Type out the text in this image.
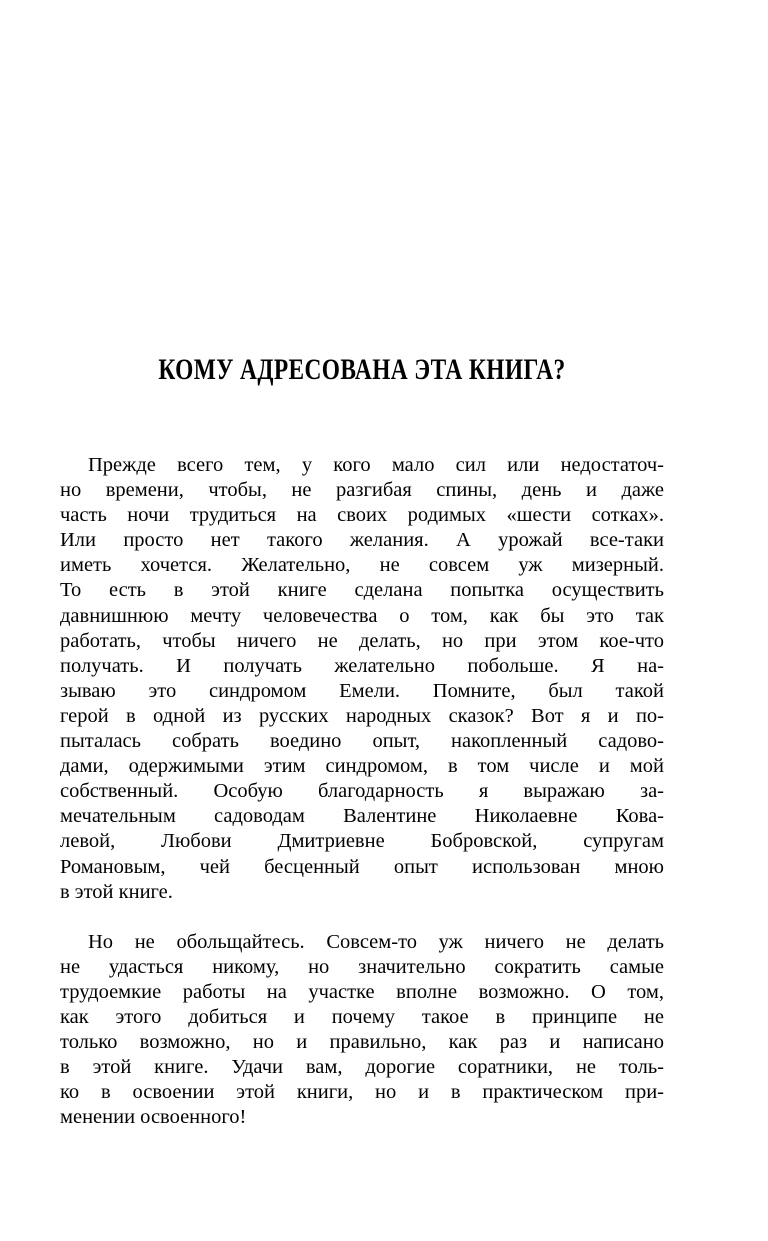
КОМУ АДРЕСОВАНА ЭТА КНИГА?
Прежде всего тем, у кого мало сил или недостаточ-
но времени, чтобы, не разгибая спины, день и даже
часть ночи трудиться на своих родимых «шести сотках».
Или просто нет такого желания. А урожай все-таки
иметь хочется. Желательно, не совсем уж мизерный.
То есть в этой книге сделана попытка осуществить
давнишнюю мечту человечества о том, как бы это так
работать, чтобы ничего не делать, но при этом кое-что
получать. И получать желательно побольше. Я на-
зываю это синдромом Емели. Помните, был такой
герой в одной из русских народных сказок? Вот я и по-
пыталась собрать воедино опыт, накопленный садово-
дами, одержимыми этим синдромом, в том числе и мой
собственный. Особую благодарность я выражаю за-
мечательным садоводам Валентине Николаевне Кова-
левой, Любови Дмитриевне Бобровской, супругам
Романовым, чей бесценный опыт использован мною
в этой книге.
Но не обольщайтесь. Совсем-то уж ничего не делать
не удасться никому, но значительно сократить самые
трудоемкие работы на участке вполне возможно. О том,
как этого добиться и почему такое в принципе не
только возможно, но и правильно, как раз и написано
в этой книге. Удачи вам, дорогие соратники, не толь-
ко в освоении этой книги, но и в практическом при-
менении освоенного!
